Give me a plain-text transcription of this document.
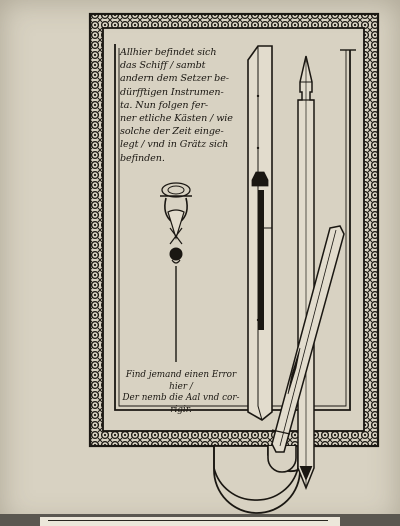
Allhier befindet sich
das Schiff / sambt
andern dem Setzer be-
dürfftigen Instrumen-
ta. Nun folgen fer-
ner etliche Kästen / wie
solche der Zeit einge-
legt / vnd in Grätz sich
befinden.
Find jemand einen Error
hier /
Der nemb die Aal vnd cor-
rigir.
